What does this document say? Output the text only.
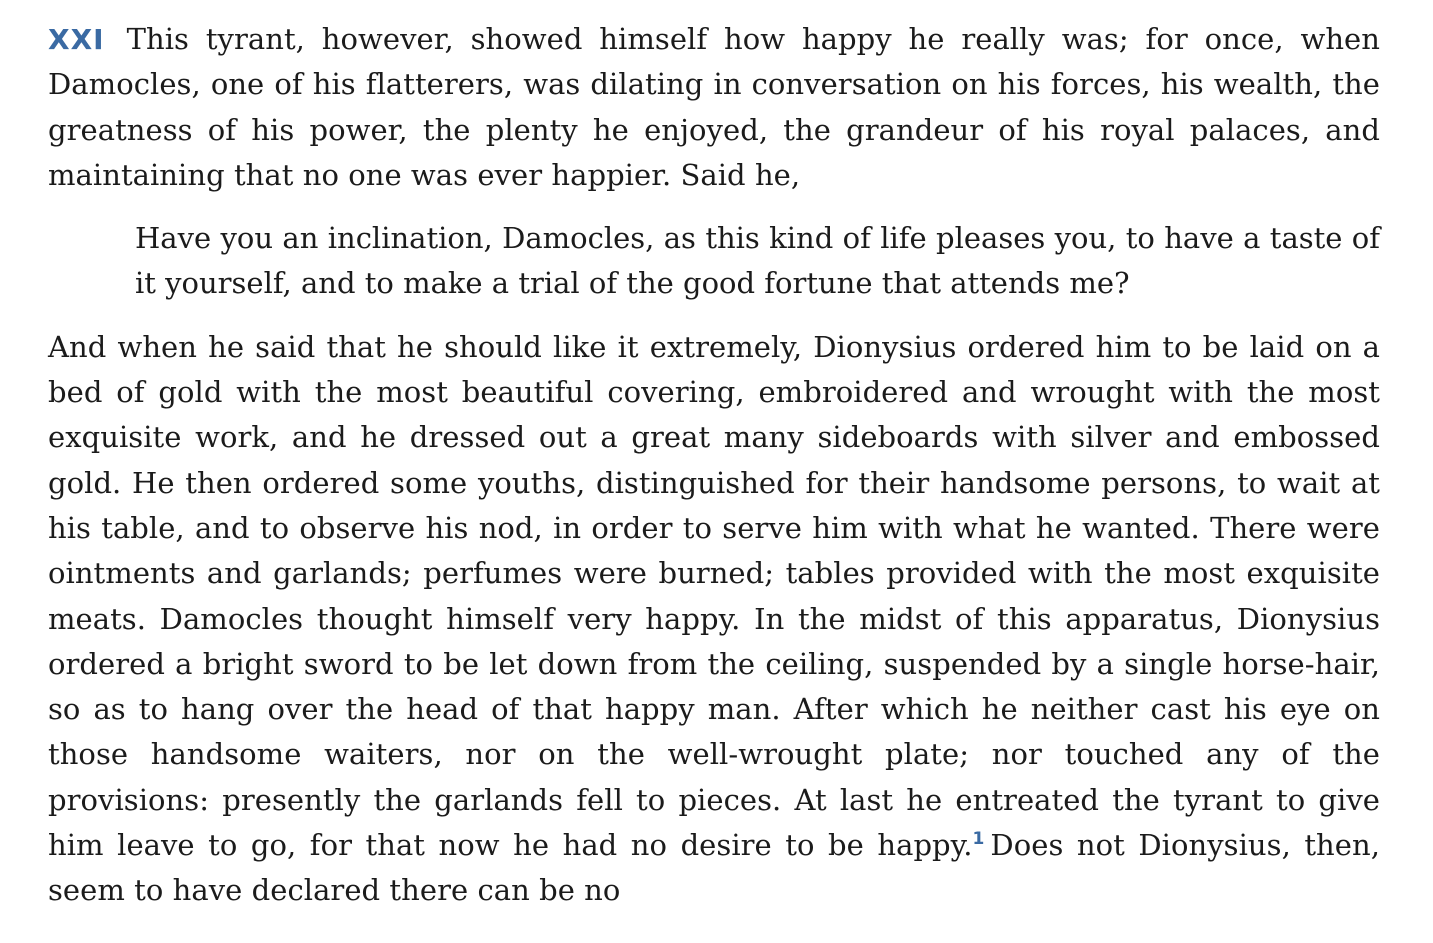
XXI This tyrant, however, showed himself how happy he really was; for once, when Damocles, one of his flatterers, was dilating in conversation on his forces, his wealth, the greatness of his power, the plenty he enjoyed, the grandeur of his royal palaces, and maintaining that no one was ever happier. Said he,

Have you an inclination, Damocles, as this kind of life pleases you, to have a taste of it yourself, and to make a trial of the good fortune that attends me?

And when he said that he should like it extremely, Dionysius ordered him to be laid on a bed of gold with the most beautiful covering, embroidered and wrought with the most exquisite work, and he dressed out a great many sideboards with silver and embossed gold. He then ordered some youths, distinguished for their handsome persons, to wait at his table, and to observe his nod, in order to serve him with what he wanted. There were ointments and garlands; perfumes were burned; tables provided with the most exquisite meats. Damocles thought himself very happy. In the midst of this apparatus, Dionysius ordered a bright sword to be let down from the ceiling, suspended by a single horse-hair, so as to hang over the head of that happy man. After which he neither cast his eye on those handsome waiters, nor on the well-wrought plate; nor touched any of the provisions: presently the garlands fell to pieces. At last he entreated the tyrant to give him leave to go, for that now he had no desire to be happy.$^1$ Does not Dionysius, then, seem to have declared there can be no
